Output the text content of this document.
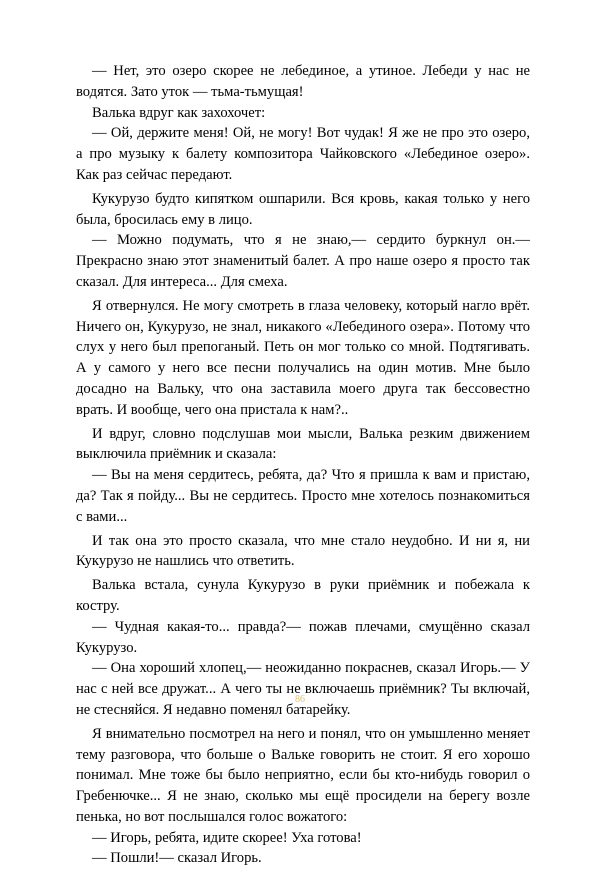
— Нет, это озеро скорее не лебединое, а утиное. Лебеди у нас не водятся. Зато уток — тьма-тьмущая!

Валька вдруг как захохочет:

— Ой, держите меня! Ой, не могу! Вот чудак! Я же не про это озеро, а про музыку к балету композитора Чайковского «Лебединое озеро». Как раз сейчас передают.

Кукурузо будто кипятком ошпарили. Вся кровь, какая только у него была, бросилась ему в лицо.

— Можно подумать, что я не знаю,— сердито буркнул он.— Прекрасно знаю этот знаменитый балет. А про наше озеро я просто так сказал. Для интереса... Для смеха.

Я отвернулся. Не могу смотреть в глаза человеку, который нагло врёт. Ничего он, Кукурузо, не знал, никакого «Лебединого озера». Потому что слух у него был препоганый. Петь он мог только со мной. Подтягивать. А у самого у него все песни получались на один мотив. Мне было досадно на Вальку, что она заставила моего друга так бессовестно врать. И вообще, чего она пристала к нам?..

И вдруг, словно подслушав мои мысли, Валька резким движением выключила приёмник и сказала:

— Вы на меня сердитесь, ребята, да? Что я пришла к вам и пристаю, да? Так я пойду... Вы не сердитесь. Просто мне хотелось познакомиться с вами...

И так она это просто сказала, что мне стало неудобно. И ни я, ни Кукурузо не нашлись что ответить.

Валька встала, сунула Кукурузо в руки приёмник и побежала к костру.

— Чудная какая-то... правда?— пожав плечами, смущённо сказал Кукурузо.

— Она хороший хлопец,— неожиданно покраснев, сказал Игорь.— У нас с ней все дружат... А чего ты не включаешь приёмник? Ты включай, не стесняйся. Я недавно поменял батарейку.

Я внимательно посмотрел на него и понял, что он умышленно меняет тему разговора, что больше о Вальке говорить не стоит. Я его хорошо понимал. Мне тоже бы было неприятно, если бы кто-нибудь говорил о Гребенючке... Я не знаю, сколько мы ещё просидели на берегу возле пенька, но вот послышался голос вожатого:

— Игорь, ребята, идите скорее! Уха готова!

— Пошли!— сказал Игорь.

86
